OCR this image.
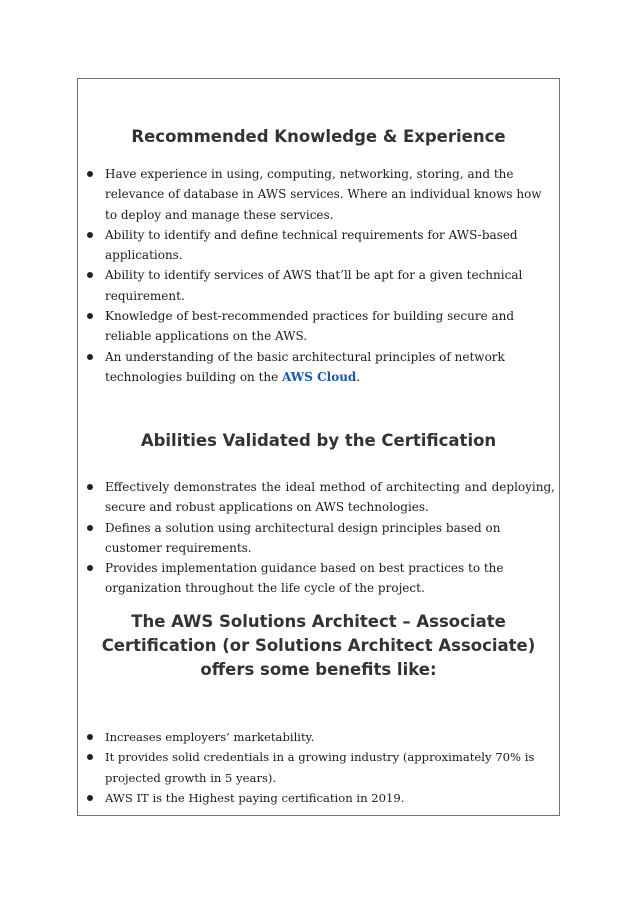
Recommended Knowledge & Experience
Have experience in using, computing, networking, storing, and the relevance of database in AWS services. Where an individual knows how to deploy and manage these services.
Ability to identify and define technical requirements for AWS-based applications.
Ability to identify services of AWS that’ll be apt for a given technical requirement.
Knowledge of best-recommended practices for building secure and reliable applications on the AWS.
An understanding of the basic architectural principles of network technologies building on the AWS Cloud.
Abilities Validated by the Certification
Effectively demonstrates the ideal method of architecting and deploying, secure and robust applications on AWS technologies.
Defines a solution using architectural design principles based on customer requirements.
Provides implementation guidance based on best practices to the organization throughout the life cycle of the project.
The AWS Solutions Architect – Associate
Certification (or Solutions Architect Associate)
offers some benefits like:
Increases employers’ marketability.
It provides solid credentials in a growing industry (approximately 70% is projected growth in 5 years).
AWS IT is the Highest paying certification in 2019.
